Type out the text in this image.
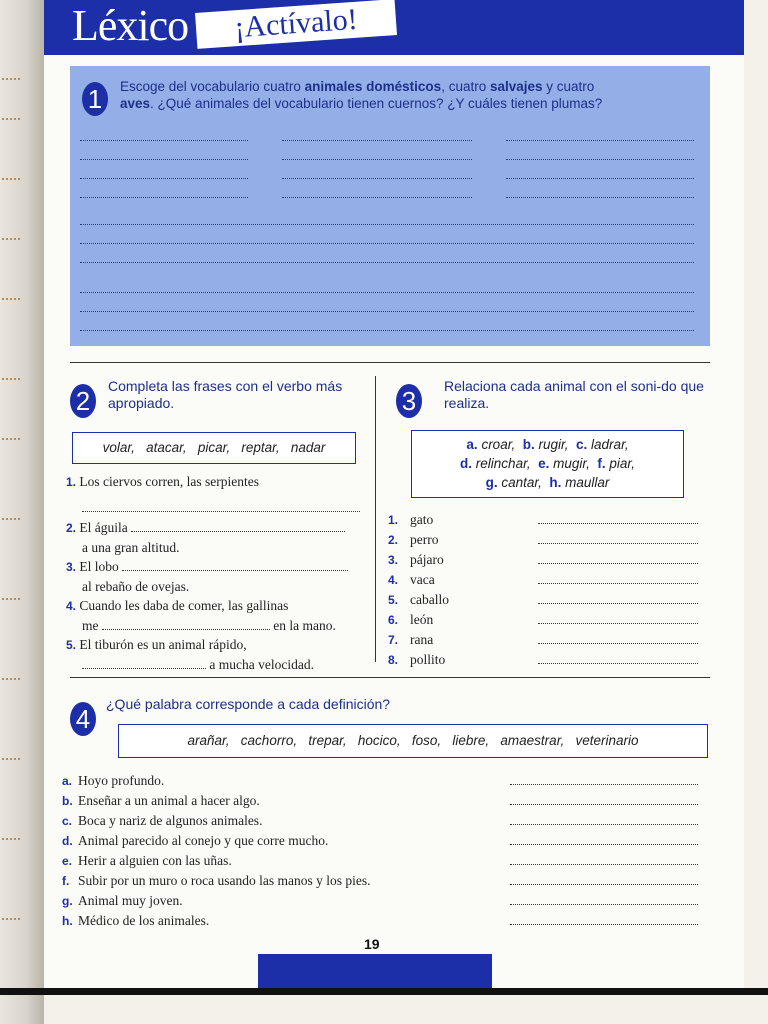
Léxico	¡Actívalo!
1	Escoge del vocabulario cuatro animales domésticos, cuatro salvajes y cuatro
aves. ¿Qué animales del vocabulario tienen cuernos? ¿Y cuáles tienen plumas?
2	Completa las frases con el verbo más apropiado.
volar,   atacar,   picar,   reptar,   nadar
1. Los ciervos corren, las serpientes
2. El águila
a una gran altitud.
3. El lobo
al rebaño de ovejas.
4. Cuando les daba de comer, las gallinas
me	en la mano.
5. El tiburón es un animal rápido,
a mucha velocidad.
3	Relaciona cada animal con el soni-do que realiza.
a. croar, b. rugir, c. ladrar,
d. relinchar, e. mugir, f. piar,
g. cantar, h. maullar
1. gato
2. perro
3. pájaro
4. vaca
5. caballo
6. león
7. rana
8. pollito
4	¿Qué palabra corresponde a cada definición?
arañar,   cachorro,   trepar,   hocico,   foso,   liebre,   amaestrar,   veterinario
a. Hoyo profundo.
b. Enseñar a un animal a hacer algo.
c. Boca y nariz de algunos animales.
d. Animal parecido al conejo y que corre mucho.
e. Herir a alguien con las uñas.
f. Subir por un muro o roca usando las manos y los pies.
g. Animal muy joven.
h. Médico de los animales.
19
